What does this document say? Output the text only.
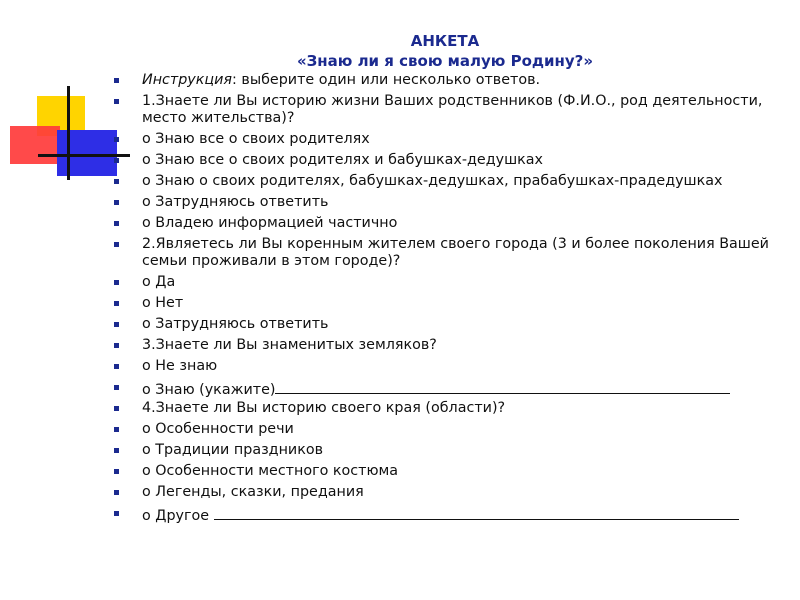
АНКЕТА
«Знаю ли я свою малую Родину?»
Инструкция: выберите один или несколько ответов.
1.Знаете ли Вы историю жизни Ваших родственников (Ф.И.О., род деятельности, место жительства)?
о Знаю все о своих родителях
о Знаю все о своих родителях и бабушках-дедушках
о Знаю о своих родителях, бабушках-дедушках, прабабушках-прадедушках
о Затрудняюсь ответить
о Владею информацией частично
2.Являетесь ли Вы коренным жителем своего города (3 и более поколения Вашей семьи проживали в этом городе)?
о Да
о Нет
о Затрудняюсь ответить
3.Знаете ли Вы знаменитых земляков?
о Не знаю
о Знаю (укажите)
4.Знаете ли Вы историю своего края (области)?
о Особенности речи
о Традиции праздников
о Особенности местного костюма
о Легенды, сказки, предания
о Другое
